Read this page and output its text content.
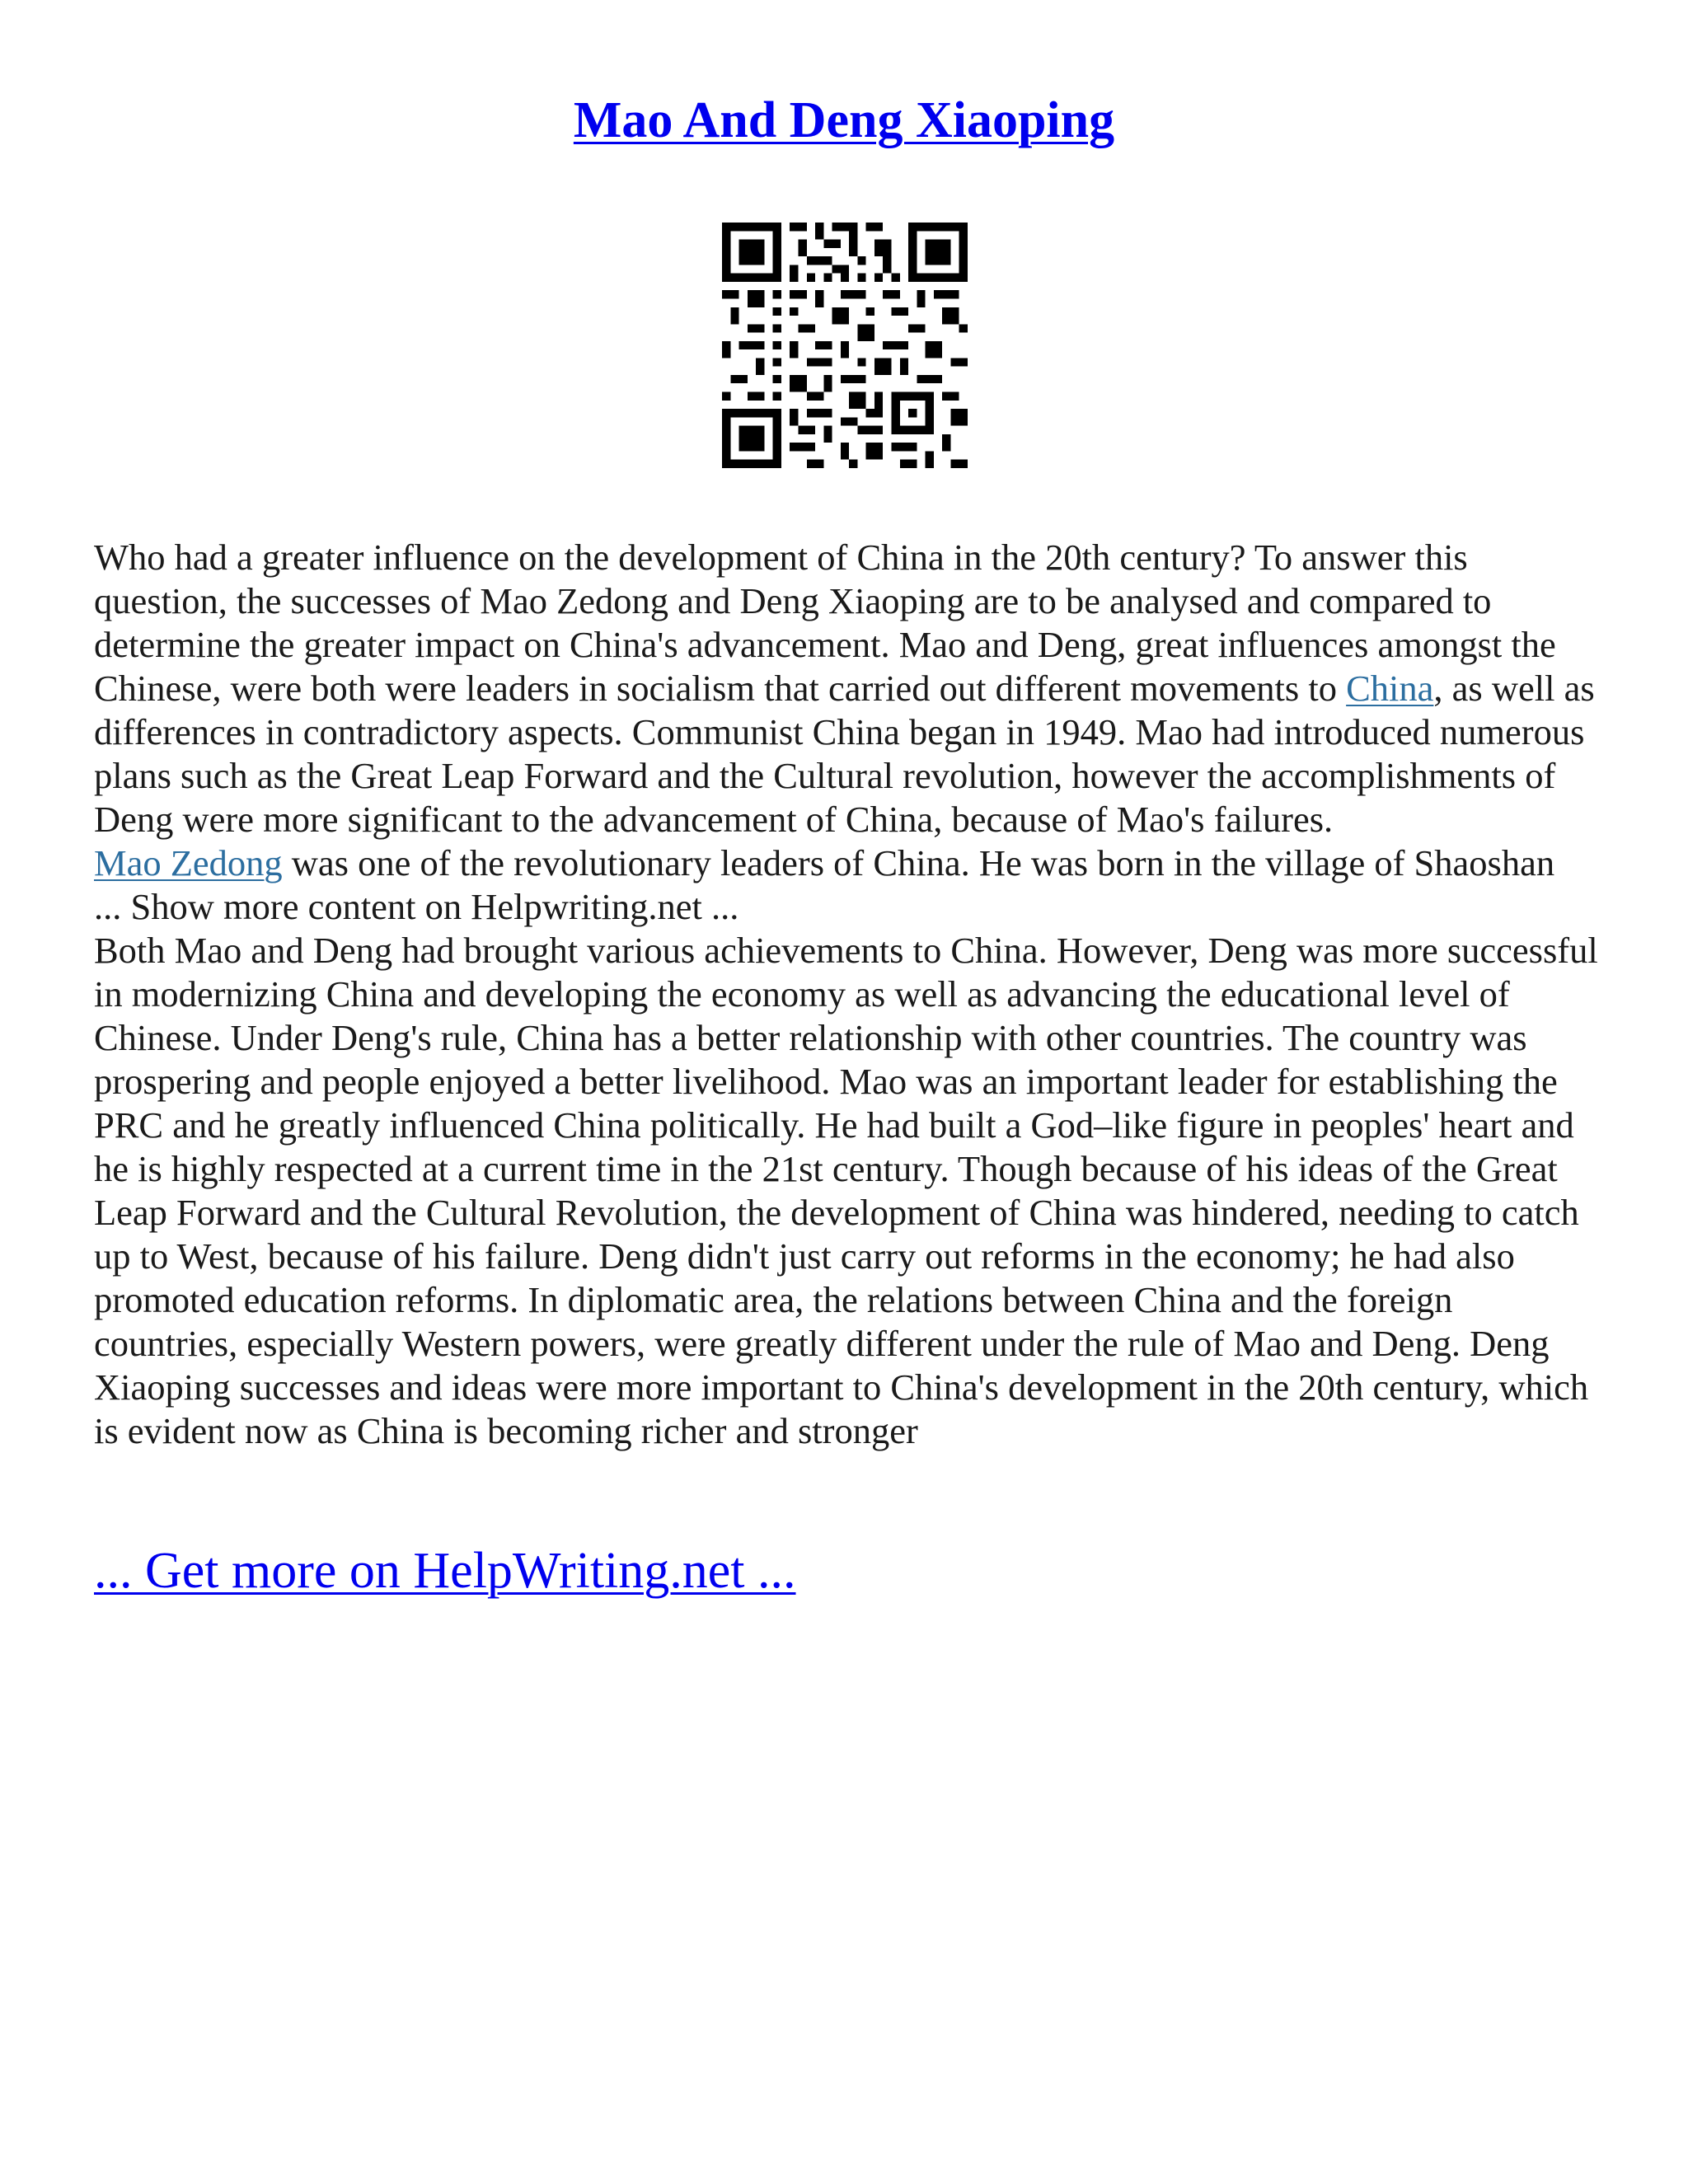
Mao And Deng Xiaoping

Who had a greater influence on the development of China in the 20th century? To answer this question, the successes of Mao Zedong and Deng Xiaoping are to be analysed and compared to determine the greater impact on China's advancement. Mao and Deng, great influences amongst the Chinese, were both were leaders in socialism that carried out different movements to China, as well as differences in contradictory aspects. Communist China began in 1949. Mao had introduced numerous plans such as the Great Leap Forward and the Cultural revolution, however the accomplishments of Deng were more significant to the advancement of China, because of Mao's failures.

Mao Zedong was one of the revolutionary leaders of China. He was born in the village of Shaoshan

... Show more content on Helpwriting.net ...

Both Mao and Deng had brought various achievements to China. However, Deng was more successful in modernizing China and developing the economy as well as advancing the educational level of Chinese. Under Deng's rule, China has a better relationship with other countries. The country was prospering and people enjoyed a better livelihood. Mao was an important leader for establishing the PRC and he greatly influenced China politically. He had built a God–like figure in peoples' heart and he is highly respected at a current time in the 21st century. Though because of his ideas of the Great Leap Forward and the Cultural Revolution, the development of China was hindered, needing to catch up to West, because of his failure. Deng didn't just carry out reforms in the economy; he had also promoted education reforms. In diplomatic area, the relations between China and the foreign countries, especially Western powers, were greatly different under the rule of Mao and Deng. Deng Xiaoping successes and ideas were more important to China's development in the 20th century, which is evident now as China is becoming richer and stronger

... Get more on HelpWriting.net ...
